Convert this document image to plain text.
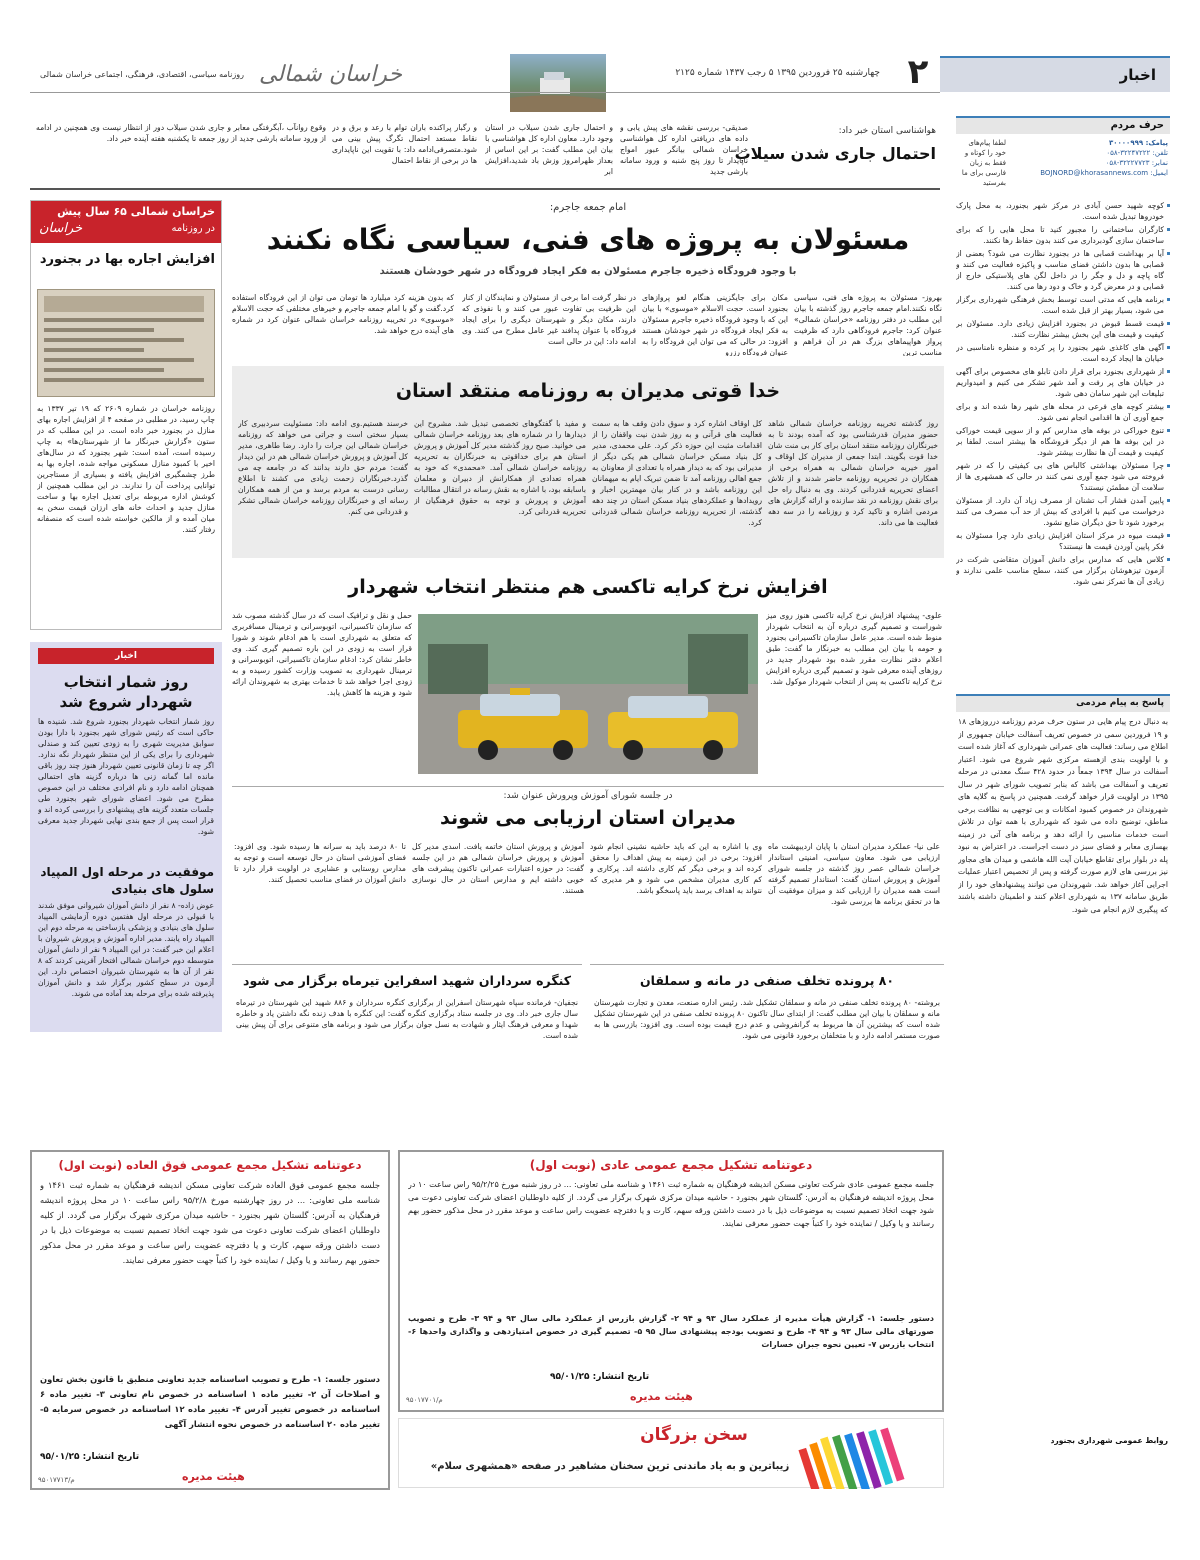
اخبار
۲
چهارشنبه ۲۵ فروردین ۱۳۹۵ ۵ رجب ۱۴۳۷ شماره ۲۱۲۵
خراسان شمالی
روزنامه سیاسی، اقتصادی، فرهنگی، اجتماعی خراسان شمالی
هواشناسی استان خبر داد:
احتمال جاری شدن سیلاب
صدیقی- بررسی نقشه های پیش یابی و داده های دریافتی اداره کل هواشناسی خراسان شمالی بیانگر عبور امواج ناپایدار تا روز پنج شنبه و ورود سامانه بارشی جدید
و احتمال جاری شدن سیلاب در استان وجود دارد. معاون اداره کل هواشناسی با بیان این مطلب گفت: بر این اساس از بعداز ظهرامروز وزش باد شدید،افزایش ابر
و رگبار پراکنده باران توام با رعد و برق و در نقاط مستعد احتمال تگرگ پیش بینی می شود.متصرفی‌ادامه داد: با تقویت این ناپایداری ها در برخی از نقاط احتمال
وقوع روانآب ،آبگرفتگی معابر و جاری شدن سیلاب دور از انتظار نیست وی همچنین در ادامه از ورود سامانه بارشی جدید از روز جمعه تا یکشنبه هفته آینده خبر داد.
حرف مردم
لطفا پیام‌های خود را کوتاه و فقط به زبان فارسی برای ما بفرستید
پیامک: ۳۰۰۰۰۹۹۹
تلفن: ۳۲۲۴۷۲۲۲-۰۵۸
نمابر: ۳۲۲۲۷۷۲۳-۰۵۸
ایمیل: BOJNORD@khorasannews.com
کوچه شهید حسن آبادی در مرکز شهر بجنورد، به محل پارک خودروها تبدیل شده است.
کارگران ساختمانی را مجبور کنید تا محل هایی را که برای ساختمان سازی گودبرداری می کنند بدون حفاظ رها نکنند.
آیا بر بهداشت قصابی ها در بجنورد نظارت می شود؟ بعضی از قصابی ها بدون داشتن فضای مناسب و پاکیزه فعالیت می کنند و گاه پاچه و دل و جگر را در داخل لگن های پلاستیکی خارج از قصابی و در معرض گرد و خاک و دود رها می کنند.
برنامه هایی که مدتی است توسط بخش فرهنگی شهرداری برگزار می شود، بسیار بهتر از قبل شده است.
قیمت قسط قبوض در بجنورد افزایش زیادی دارد. مسئولان بر کیفیت و قیمت های این بخش بیشتر نظارت کنند.
آگهی های کاغذی شهر بجنورد را پر کرده و منظره نامناسبی در خیابان ها ایجاد کرده است.
از شهرداری بجنورد برای قرار دادن تابلو های مخصوص برای آگهی در خیابان های پر رفت و آمد شهر تشکر می کنیم و امیدواریم تبلیغات این شهر سامان دهی شود.
بیشتر کوچه های فرعی در محله های شهر رها شده اند و برای جمع آوری آن ها اقدامی انجام نمی شود.
تنوع خوراکی در بوفه های مدارس کم و از سویی قیمت خوراکی در این بوفه ها هم از دیگر فروشگاه ها بیشتر است. لطفا بر کیفیت و قیمت آن ها نظارت بیشتر شود.
چرا مسئولان بهداشتی کالباس های بی کیفیتی را که در شهر فروخته می شود جمع آوری نمی کنند در حالی که همشهری ها از سلامت آن مطمئن نیستند؟
پایین آمدن فشار آب تشنان از مصرف زیاد آن دارد. از مسئولان درخواست می کنیم با افرادی که بیش از حد آب مصرف می کنند برخورد شود تا حق دیگران ضایع نشود.
قیمت میوه در مرکز استان افزایش زیادی دارد چرا مسئولان به فکر پایین آوردن قیمت ها نیستند؟
کلاس هایی که مدارس برای دانش آموزان متقاضی شرکت در آزمون تیزهوشان برگزار می کنند، سطح مناسب علمی ندارند و زیادی آن ها تمرکز نمی شود.
پاسخ به پیام مردمی
به دنبال درج پیام هایی در ستون حرف مردم روزنامه درروزهای ۱۸ و ۱۹ فروردین سمی در خصوص تعریف آسفالت خیابان جمهوری از اطلاع می رساند: فعالیت های عمرانی شهرداری که آغاز شده است و با اولویت بندی ازهسته مرکزی شهر شروع می شود. اعتبار آسفالت در سال ۱۳۹۴ جمعاً در حدود ۴۲۸ سنگ معدنی در مرحله تعریف و آسفالت می باشد که بنابر تصویب شورای شهر در سال ۱۳۹۵ در اولویت قرار خواهد گرفت. همچنین در پاسخ به گلایه های شهروندان در خصوص کمبود امکانات و بی توجهی به نظافت برخی مناطق، توضیح داده می شود که شهرداری با همه توان در تلاش است خدمات مناسبی را ارائه دهد و برنامه های آتی در زمینه بهسازی معابر و فضای سبز در دست اجراست. در اعتراض به نبود پله در بلوار برای تقاطع خیابان آیت الله هاشمی و میدان های مجاور نیز بررسی های لازم صورت گرفته و پس از تخصیص اعتبار عملیات اجرایی آغاز خواهد شد. شهروندان می توانند پیشنهادهای خود را از طریق سامانه ۱۳۷ به شهرداری اعلام کنند و اطمینان داشته باشند که پیگیری لازم انجام می شود.
روابط عمومی شهرداری بجنورد
خراسان شمالی ۶۵ سال پیش
در روزنامه
خراسان
افزایش اجاره بها در بجنورد
روزنامه خراسان در شماره ۲۶۰۹ که ۱۹ تیر ۱۳۳۷ به چاپ رسید، در مطلبی در صفحه ۴ از افزایش اجاره بهای منازل در بجنورد خبر داده است. در این مطلب که در ستون «گزارش خبرنگار ما از شهرستان‌ها» به چاپ رسیده است، آمده است: شهر بجنورد که در سال‌های اخیر با کمبود منازل مسکونی مواجه شده، اجاره بها به طرز چشمگیری افزایش یافته و بسیاری از مستاجرین توانایی پرداخت آن را ندارند. در این مطلب همچنین از کوشش اداره مربوطه برای تعدیل اجاره بها و ساخت منازل جدید و احداث خانه های ارزان قیمت سخن به میان آمده و از مالکین خواسته شده است که منصفانه رفتار کنند.
اخبار
روز شمار انتخاب شهردار شروع شد
روز شمار انتخاب شهردار بجنورد شروع شد. شنیده ها حاکی است که رئیس شورای شهر بجنورد با دارا بودن سوابق مدیریت شهری را به زودی تعیین کند و صندلی شهرداری را برای یکی از این منتظر شهردار نگه ندارد. اگر چه تا زمان قانونی تعیین شهردار هنوز چند روز باقی مانده اما گمانه زنی ها درباره گزینه های احتمالی همچنان ادامه دارد و نام افرادی مختلف در این خصوص مطرح می شود. اعضای شورای شهر بجنورد طی جلسات متعدد گزینه های پیشنهادی را بررسی کرده اند و قرار است پس از جمع بندی نهایی شهردار جدید معرفی شود.
موفقیت در مرحله اول المپیاد سلول های بنیادی
عوض زاده- ۸ نفر از دانش آموزان شیروانی موفق شدند با قبولی در مرحله اول هفتمین دوره آزمایشی المپیاد سلول های بنیادی و پزشکی بازساختی به مرحله دوم این المپیاد راه یابند. مدیر اداره آموزش و پرورش شیروان با اعلام این خبر گفت: در این المپیاد ۹ نفر از دانش آموزان متوسطه دوم خراسان شمالی افتخار آفرینی کردند که ۸ نفر از آن ها به شهرستان شیروان اختصاص دارد. این آزمون در سطح کشور برگزار شد و دانش آموزان پذیرفته شده برای مرحله بعد آماده می شوند.
امام جمعه جاجرم:
مسئولان به پروژه های فنی، سیاسی نگاه نکنند
با وجود فرودگاه ذخیره جاجرم مسئولان به فکر ایجاد فرودگاه در شهر خودشان هستند
بهروز- مسئولان به پروژه های فنی، سیاسی نگاه نکنند.امام جمعه جاجرم روز گذشته با بیان این مطلب در دفتر روزنامه «خراسان شمالی» عنوان کرد: جاجرم فرودگاهی دارد که ظرفیت پرواز هواپیماهای بزرگ هم در آن فراهم و مناسب ترین
مکان برای جایگزینی هنگام لغو پروازهای بجنورد است. حجت الاسلام «موسوی» با بیان این که با وجود فرودگاه ذخیره جاجرم مسئولان به فکر ایجاد فرودگاه در شهر خودشان هستند افزود: در حالی که می توان این فرودگاه را به عنوان فرودگاه رزرو
در نظر گرفت اما برخی از مسئولان و نمایندگان از کنار این ظرفیت بی تفاوت عبور می کنند و با نفوذی که دارند، مکان دیگر و شهرستان دیگری را برای ایجاد فرودگاه با عنوان پدافند غیر عامل مطرح می کنند. وی ادامه داد: این در حالی است
که بدون هزینه کرد میلیارد ها تومان می توان از این فرودگاه استفاده کرد.گفت و گو با امام جمعه جاجرم و خیرهای مختلفی که حجت الاسلام «موسوی» در تخریبه روزنامه خراسان شمالی عنوان کرد در شماره های آینده درج خواهد شد.
خدا قوتی مدیران به روزنامه منتقد استان
روز گذشته تخریبه روزنامه خراسان شمالی شاهد حضور مدیران قدرشناسی بود که آمده بودند تا به خبرنگاران روزنامه منتقد استان برای کار بی منت شان خدا قوت بگویند. ابتدا جمعی از مدیران کل اوقاف و امور خیریه خراسان شمالی به همراه برخی از همکاران در تحریریه روزنامه حاضر شدند و از تلاش اعضای تحریریه قدردانی کردند. وی به دنبال راه حل برای نقش روزنامه در نقد سازنده و ارائه گزارش های مردمی اشاره و تاکید کرد و روزنامه را در سه دهه فعالیت ها می داند.
کل اوقاف اشاره کرد و سوق دادن وقف ها به سمت فعالیت های قرآنی و به روز شدن نیت واقفان را از اقدامات مثبت این حوزه ذکر کرد. علی محمدی، مدیر کل بنیاد مسکن خراسان شمالی هم یکی دیگر از مدیرانی بود که به دیدار همراه با تعدادی از معاونان به جمع اهالی روزنامه آمد تا ضمن تبریک ایام به میهمانان این روزنامه باشد و در کنار بیان مهمترین اخبار و رویدادها و عملکردهای بنیاد مسکن استان در چند دهه گذشته، از تحریریه روزنامه خراسان شمالی قدردانی کرد.
و مفید با گفتگوهای تخصصی تبدیل شد. مشروح این دیدارها را در شماره های بعد روزنامه خراسان شمالی می خوانید. صبح روز گذشته مدیر کل آموزش و پرورش استان هم برای خداقوتی به خبرنگاران به تحریریه روزنامه خراسان شمالی آمد. «محمدی» که خود به همراه تعدادی از همکارانش از دبیران و معلمان باسابقه بود، با اشاره به نقش رسانه در انتقال مطالبات آموزش و پرورش و توجه به حقوق فرهنگیان از تحریریه قدردانی کرد.
خرسند هستیم.وی ادامه داد: مسئولیت سردبیری کار بسیار سختی است و جراتی می خواهد که روزنامه خراسان شمالی این جرات را دارد. رضا طاهری، مدیر کل آموزش و پرورش خراسان شمالی هم در این دیدار گفت: مردم حق دارند بدانند که در جامعه چه می گذرد.خبرنگاران زحمت زیادی می کشند تا اطلاع رسانی درست به مردم برسد و من از همه همکاران رسانه ای و خبرنگاران روزنامه خراسان شمالی تشکر و قدردانی می کنم.
افزایش نرخ کرایه تاکسی هم منتظر انتخاب شهردار
علوی- پیشنهاد افزایش نرخ کرایه تاکسی هنوز روی میز شوراست و تصمیم گیری درباره آن به انتخاب شهردار منوط شده است. مدیر عامل سازمان تاکسیرانی بجنورد و حومه با بیان این مطلب به خبرنگار ما گفت: طبق اعلام دفتر نظارت مقرر شده بود شهردار جدید در روزهای آینده معرفی شود و تصمیم گیری درباره افزایش نرخ کرایه تاکسی به پس از انتخاب شهردار موکول شد.
حمل و نقل و ترافیک است که در سال گذشته مصوب شد که سازمان تاکسیرانی، اتوبوسرانی و ترمینال مسافربری که متعلق به شهرداری است با هم ادغام شوند و شورا قرار است به زودی در این باره تصمیم گیری کند. وی خاطر نشان کرد: ادغام سازمان تاکسیرانی، اتوبوسرانی و ترمینال شهرداری به تصویب وزارت کشور رسیده و به زودی اجرا خواهد شد تا خدمات بهتری به شهروندان ارائه شود و هزینه ها کاهش یابد.
در جلسه شورای آموزش وپرورش عنوان شد:
مدیران استان ارزیابی می شوند
علی نیا- عملکرد مدیران استان با پایان اردیبهشت ماه ارزیابی می شود. معاون سیاسی، امنیتی استاندار خراسان شمالی عصر روز گذشته در جلسه شورای آموزش و پرورش استان گفت: استاندار تصمیم گرفته است همه مدیران را ارزیابی کند و میزان موفقیت آن ها در تحقق برنامه ها بررسی شود.
وی با اشاره به این که باید حاشیه نشینی انجام شود افزود: برخی در این زمینه به پیش اهداف را محقق کرده اند و برخی دیگر کم کاری داشته اند. پرکاری و کم کاری مدیران مشخص می شود و هر مدیری که نتواند به اهداف برسد باید پاسخگو باشد.
آموزش و پرورش استان خاتمه یافت. اسدی مدیر کل آموزش و پرورش خراسان شمالی هم در این جلسه گفت: در حوزه اعتبارات عمرانی تاکنون پیشرفت های خوبی داشته ایم و مدارس استان در حال نوسازی هستند.
تا ۸۰ درصد باید به سرانه ها رسیده شود. وی افزود: فضای آموزشی استان در حال توسعه است و توجه به مدارس روستایی و عشایری در اولویت قرار دارد تا دانش آموزان در فضای مناسب تحصیل کنند.
۸۰ پرونده تخلف صنفی در مانه و سملقان
بروشته- ۸۰ پرونده تخلف صنفی در مانه و سملقان تشکیل شد. رئیس اداره صنعت، معدن و تجارت شهرستان مانه و سملقان با بیان این مطلب گفت: از ابتدای سال تاکنون ۸۰ پرونده تخلف صنفی در این شهرستان تشکیل شده است که بیشترین آن ها مربوط به گرانفروشی و عدم درج قیمت بوده است. وی افزود: بازرسی ها به صورت مستمر ادامه دارد و با متخلفان برخورد قانونی می شود.
کنگره سرداران شهید اسفراین تیرماه برگزار می شود
نجفیان- فرمانده سپاه شهرستان اسفراین از برگزاری کنگره سرداران و ۸۸۶ شهید این شهرستان در تیرماه سال جاری خبر داد. وی در جلسه ستاد برگزاری کنگره گفت: این کنگره با هدف زنده نگه داشتن یاد و خاطره شهدا و معرفی فرهنگ ایثار و شهادت به نسل جوان برگزار می شود و برنامه های متنوعی برای آن پیش بینی شده است.
دعوتنامه تشکیل مجمع عمومی عادی (نوبت اول)
جلسه مجمع عمومی عادی شرکت تعاونی مسکن اندیشه فرهنگیان به شماره ثبت ۱۴۶۱ و شناسه ملی تعاونی: ... در روز شنبه مورخ ۹۵/۲/۲۵ راس ساعت ۱۰ در محل پروژه اندیشه فرهنگیان به آدرس: گلستان شهر بجنورد - حاشیه میدان مرکزی شهرک برگزار می گردد. از کلیه داوطلبان اعضای شرکت تعاونی دعوت می شود جهت اتخاذ تصمیم نسبت به موضوعات ذیل با در دست داشتن ورقه سهم، کارت و یا دفترچه عضویت راس ساعت و موعد مقرر در محل مذکور حضور بهم رسانند و یا وکیل / نماینده خود را کتباً جهت حضور معرفی نمایند.
دستور جلسه: ۱- گزارش هیأت مدیره از عملکرد سال ۹۳ و ۹۴ ۲- گزارش بازرس از عملکرد مالی سال ۹۳ و ۹۴ ۳- طرح و تصویب صورتهای مالی سال ۹۳ و ۹۴ ۴- طرح و تصویب بودجه پیشنهادی سال ۹۵ ۵- تصمیم گیری در خصوص امتیازدهی و واگذاری واحدها ۶- انتخاب بازرس ۷- تعیین نحوه جبران خسارات
تاریخ انتشار: ۹۵/۰۱/۲۵
هیئت مدیره
م/۹۵۰۱۷۷۰۱
دعوتنامه تشکیل مجمع عمومی فوق العاده (نوبت اول)
جلسه مجمع عمومی فوق العاده شرکت تعاونی مسکن اندیشه فرهنگیان به شماره ثبت ۱۴۶۱ و شناسه ملی تعاونی: ... در روز چهارشنبه مورخ ۹۵/۲/۸ راس ساعت ۱۰ در محل پروژه اندیشه فرهنگیان به آدرس: گلستان شهر بجنورد - حاشیه میدان مرکزی شهرک برگزار می گردد. از کلیه داوطلبان اعضای شرکت تعاونی دعوت می شود جهت اتخاذ تصمیم نسبت به موضوعات ذیل با در دست داشتن ورقه سهم، کارت و یا دفترچه عضویت راس ساعت و موعد مقرر در محل مذکور حضور بهم رسانند و یا وکیل / نماینده خود را کتباً جهت حضور معرفی نمایند.
دستور جلسه: ۱- طرح و تصویب اساسنامه جدید تعاونی منطبق با قانون بخش تعاون و اصلاحات آن ۲- تغییر ماده ۱ اساسنامه در خصوص نام تعاونی ۳- تغییر ماده ۶ اساسنامه در خصوص تغییر آدرس ۴- تغییر ماده ۱۲ اساسنامه در خصوص سرمایه ۵- تغییر ماده ۲۰ اساسنامه در خصوص نحوه انتشار آگهی
تاریخ انتشار: ۹۵/۰۱/۲۵
هیئت مدیره
م/۹۵۰۱۷۷۱۳
سخن بزرگان
زیباترین و به یاد ماندنی ترین سخنان مشاهیر در صفحه «همشهری سلام»
